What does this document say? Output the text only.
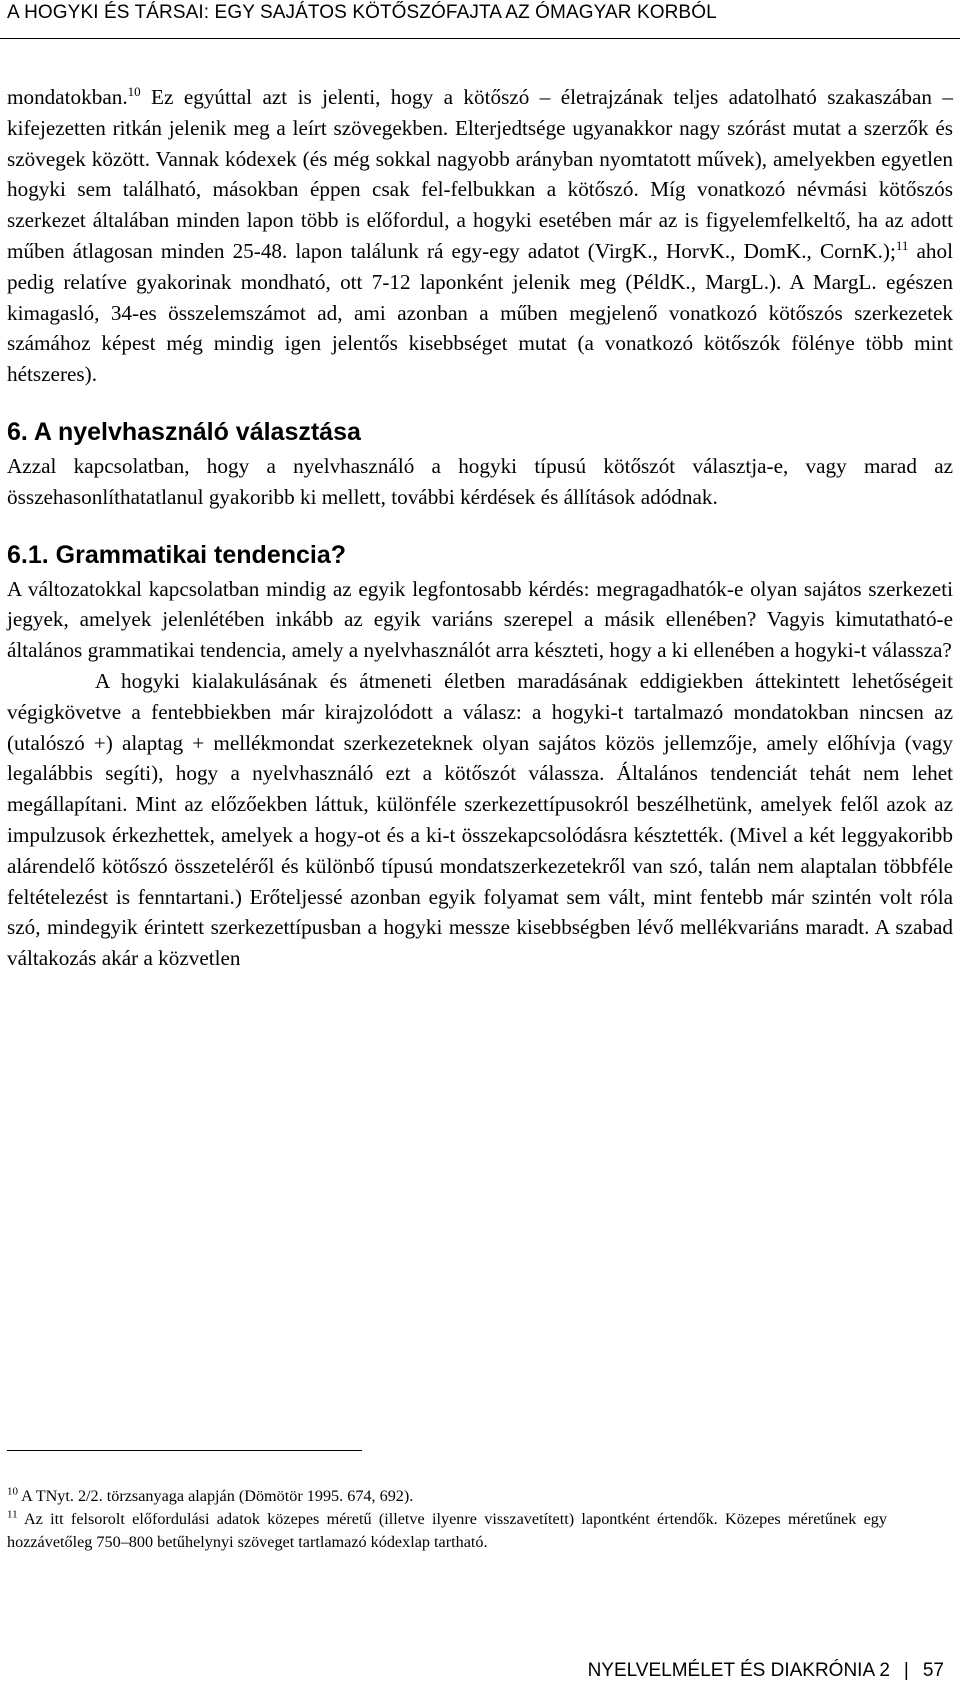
A HOGYKI ÉS TÁRSAI: EGY SAJÁTOS KÖTŐSZÓFAJTA AZ ÓMAGYAR KORBÓL

mondatokban.$^{10}$ Ez egyúttal azt is jelenti, hogy a kötőszó – életrajzának teljes adatolható szakaszában – kifejezetten ritkán jelenik meg a leírt szövegekben. Elterjedtsége ugyanakkor nagy szórást mutat a szerzők és szövegek között. Vannak kódexek (és még sokkal nagyobb arányban nyomtatott művek), amelyekben egyetlen hogyki sem található, másokban éppen csak fel-felbukkan a kötőszó. Míg vonatkozó névmási kötőszós szerkezet általában minden lapon több is előfordul, a hogyki esetében már az is figyelemfelkeltő, ha az adott műben átlagosan minden 25-48. lapon találunk rá egy-egy adatot (VirgK., HorvK., DomK., CornK.);$^{11}$ ahol pedig relatíve gyakorinak mondható, ott 7-12 laponként jelenik meg (PéldK., MargL.). A MargL. egészen kimagasló, 34-es összelemszámot ad, ami azonban a műben megjelenő vonatkozó kötőszós szerkezetek számához képest még mindig igen jelentős kisebbséget mutat (a vonatkozó kötőszók fölénye több mint hétszeres).

6. A nyelvhasználó választása

Azzal kapcsolatban, hogy a nyelvhasználó a hogyki típusú kötőszót választja-e, vagy marad az összehasonlíthatatlanul gyakoribb ki mellett, további kérdések és állítások adódnak.

6.1. Grammatikai tendencia?

A változatokkal kapcsolatban mindig az egyik legfontosabb kérdés: megragadhatók-e olyan sajátos szerkezeti jegyek, amelyek jelenlétében inkább az egyik variáns szerepel a másik ellenében? Vagyis kimutatható-e általános grammatikai tendencia, amely a nyelvhasználót arra készteti, hogy a ki ellenében a hogyki-t válassza?

A hogyki kialakulásának és átmeneti életben maradásának eddigiekben áttekintett lehetőségeit végigkövetve a fentebbiekben már kirajzolódott a válasz: a hogyki-t tartalmazó mondatokban nincsen az (utalószó +) alaptag + mellékmondat szerkezeteknek olyan sajátos közös jellemzője, amely előhívja (vagy legalábbis segíti), hogy a nyelvhasználó ezt a kötőszót válassza. Általános tendenciát tehát nem lehet megállapítani. Mint az előzőekben láttuk, különféle szerkezettípusokról beszélhetünk, amelyek felől azok az impulzusok érkezhettek, amelyek a hogy-ot és a ki-t összekapcsolódásra késztették. (Mivel a két leggyakoribb alárendelő kötőszó összeteléről és különbő típusú mondatszerkezetekről van szó, talán nem alaptalan többféle feltételezést is fenntartani.) Erőteljessé azonban egyik folyamat sem vált, mint fentebb már szintén volt róla szó, mindegyik érintett szerkezettípusban a hogyki messze kisebbségben lévő mellékvariáns maradt. A szabad váltakozás akár a közvetlen

$^{10}$ A TNyt. 2/2. törzsanyaga alapján (Dömötör 1995. 674, 692).

$^{11}$ Az itt felsorolt előfordulási adatok közepes méretű (illetve ilyenre visszavetített) lapontként értendők. Közepes méretűnek egy hozzávetőleg 750–800 betűhelynyi szöveget tartlamazó kódexlap tartható.

NYELVELMÉLET ÉS DIAKRÓNIA 2 | 57
